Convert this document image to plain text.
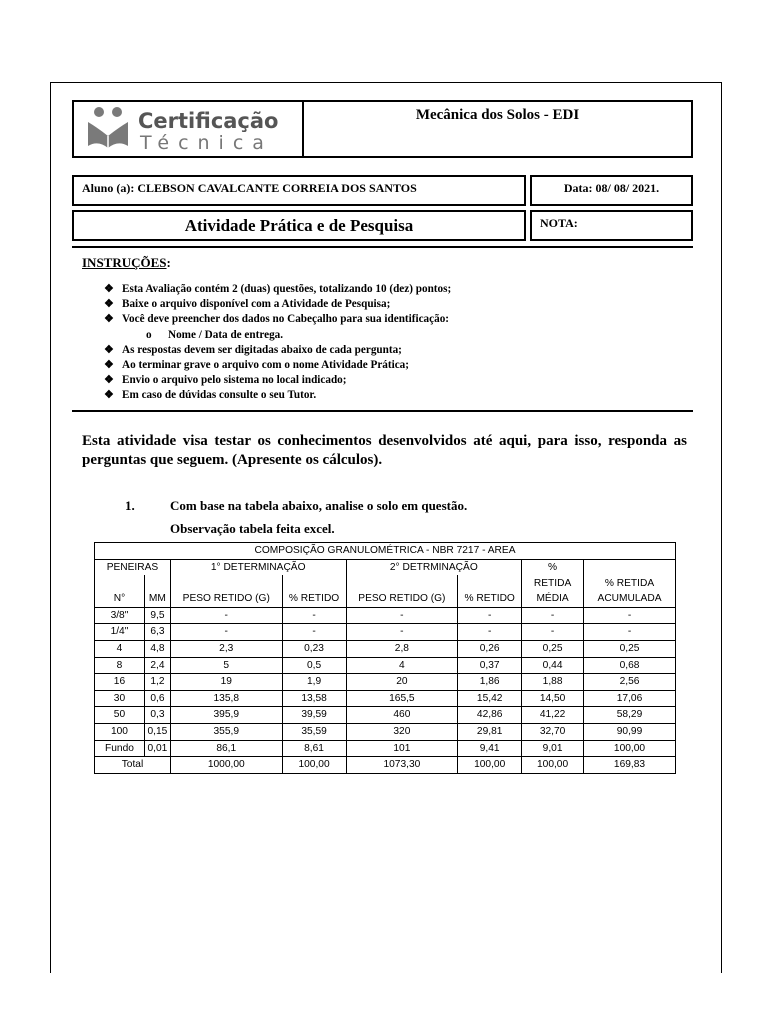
Certificação
Técnica
Mecânica dos Solos - EDI
Aluno (a): CLEBSON CAVALCANTE CORREIA DOS SANTOS	Data: 08/ 08/ 2021.
Atividade Prática e de Pesquisa	NOTA:
INSTRUÇÕES:
❖ Esta Avaliação contém 2 (duas) questões, totalizando 10 (dez) pontos;
❖ Baixe o arquivo disponível com a Atividade de Pesquisa;
❖ Você deve preencher dos dados no Cabeçalho para sua identificação:
o Nome / Data de entrega.
❖ As respostas devem ser digitadas abaixo de cada pergunta;
❖ Ao terminar grave o arquivo com o nome Atividade Prática;
❖ Envio o arquivo pelo sistema no local indicado;
❖ Em caso de dúvidas consulte o seu Tutor.
Esta atividade visa testar os conhecimentos desenvolvidos até aqui, para isso, responda as perguntas que seguem. (Apresente os cálculos).
1.	Com base na tabela abaixo, analise o solo em questão.
Observação tabela feita excel.
COMPOSIÇÃO GRANULOMÉTRICA - NBR 7217 - AREA							
PENEIRAS		1° DETERMINAÇÃO		2° DETRMINAÇÃO		%	
N°	MM	PESO RETIDO (G)	% RETIDO	PESO RETIDO (G)	% RETIDO	RETIDA MÉDIA	% RETIDA ACUMULADA
3/8"	9,5	-	-	-	-	-	-
1/4"	6,3	-	-	-	-	-	-
4	4,8	2,3	0,23	2,8	0,26	0,25	0,25
8	2,4	5	0,5	4	0,37	0,44	0,68
16	1,2	19	1,9	20	1,86	1,88	2,56
30	0,6	135,8	13,58	165,5	15,42	14,50	17,06
50	0,3	395,9	39,59	460	42,86	41,22	58,29
100	0,15	355,9	35,59	320	29,81	32,70	90,99
Fundo	0,01	86,1	8,61	101	9,41	9,01	100,00
Total		1000,00	100,00	1073,30	100,00	100,00	169,83
